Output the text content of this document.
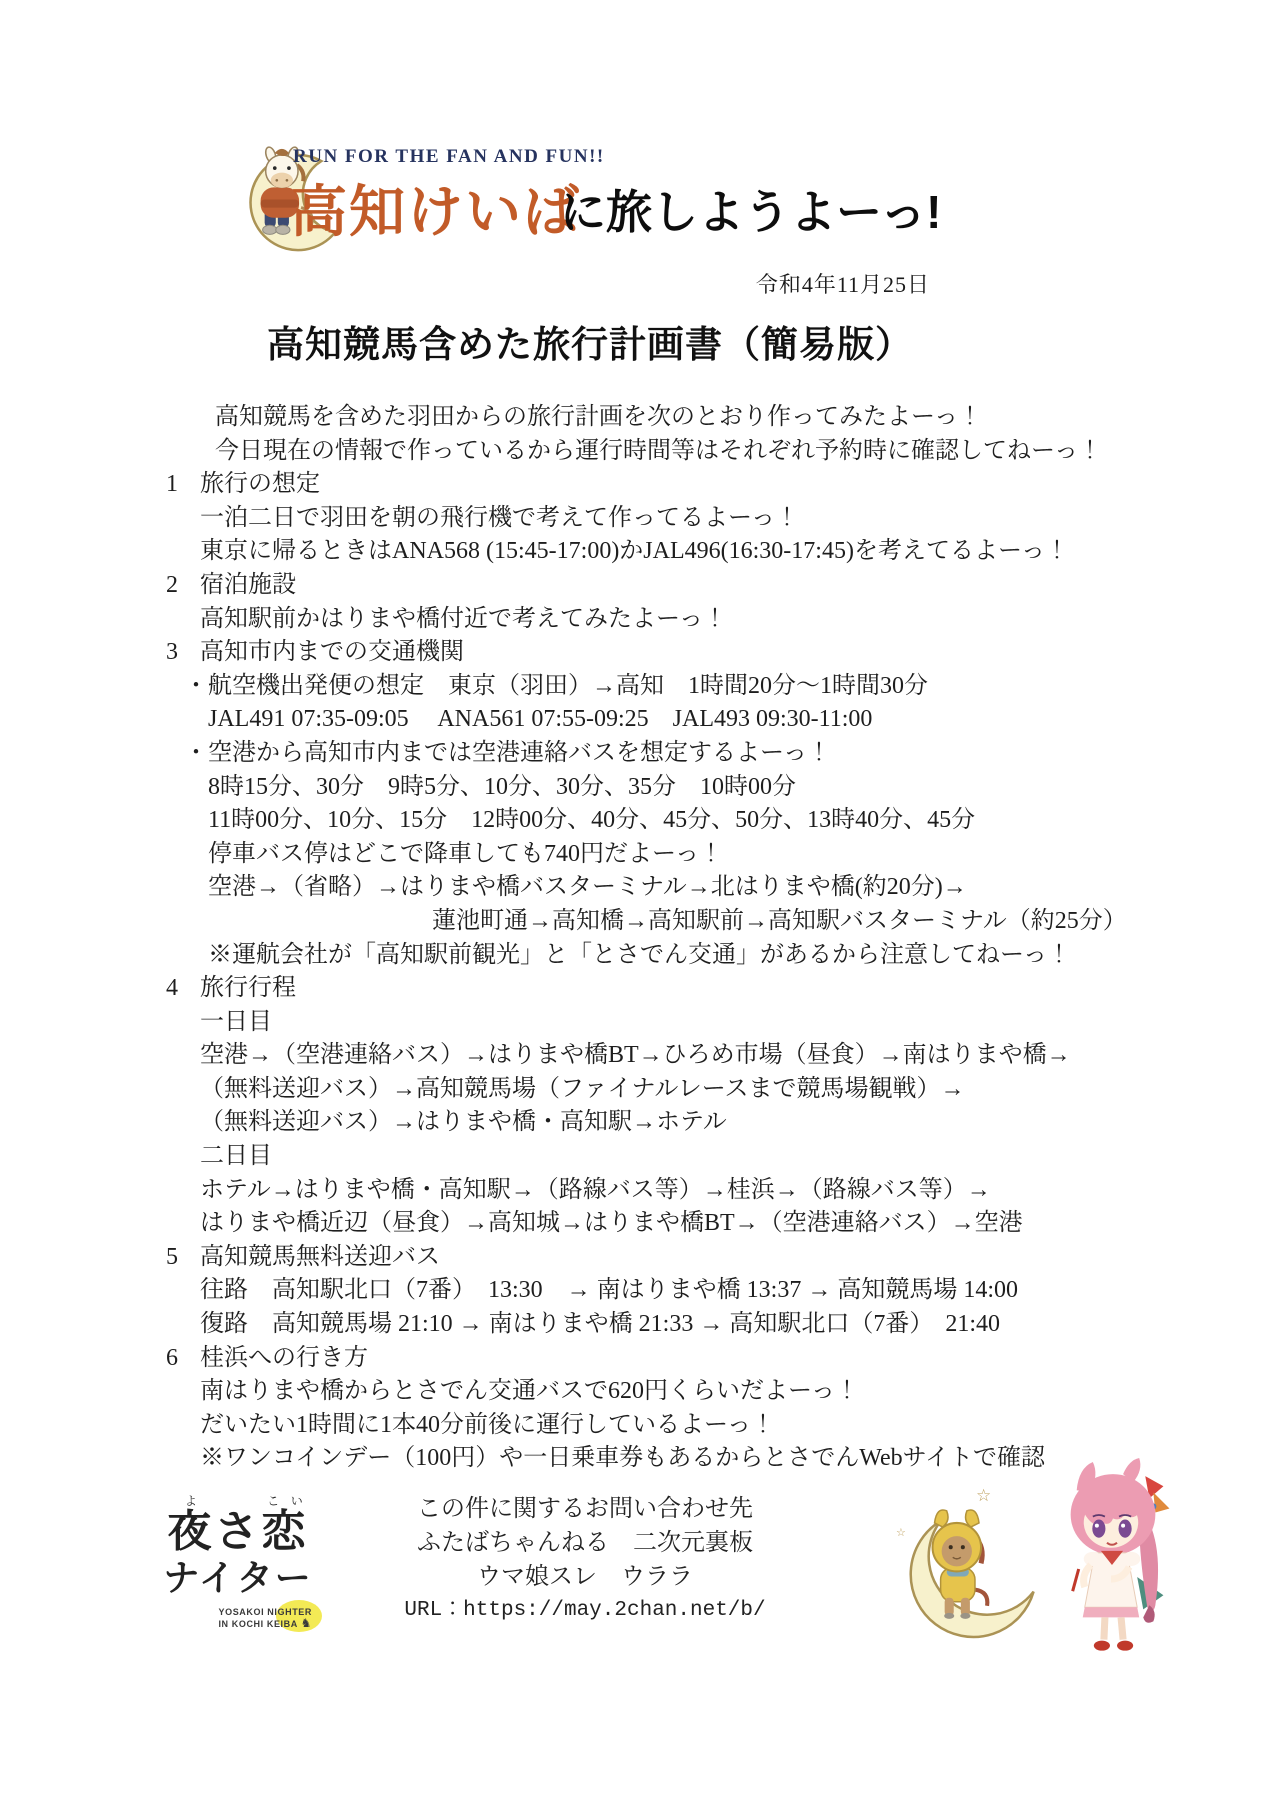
RUN FOR THE FAN AND FUN!!
高知けいば
に旅しようよーっ!
令和4年11月25日
高知競馬含めた旅行計画書（簡易版）
高知競馬を含めた羽田からの旅行計画を次のとおり作ってみたよーっ！
今日現在の情報で作っているから運行時間等はそれぞれ予約時に確認してねーっ！
1 旅行の想定
一泊二日で羽田を朝の飛行機で考えて作ってるよーっ！
東京に帰るときはANA568 (15:45-17:00)かJAL496(16:30-17:45)を考えてるよーっ！
2 宿泊施設
高知駅前かはりまや橋付近で考えてみたよーっ！
3 高知市内までの交通機関
・航空機出発便の想定　東京（羽田）→高知　1時間20分～1時間30分
JAL491 07:35-09:05　 ANA561 07:55-09:25　JAL493 09:30-11:00
・空港から高知市内までは空港連絡バスを想定するよーっ！
8時15分、30分　9時5分、10分、30分、35分　10時00分
11時00分、10分、15分　12時00分、40分、45分、50分、13時40分、45分
停車バス停はどこで降車しても740円だよーっ！
空港→（省略）→はりまや橋バスターミナル→北はりまや橋(約20分)→
蓮池町通→高知橋→高知駅前→高知駅バスターミナル（約25分）
※運航会社が「高知駅前観光」と「とさでん交通」があるから注意してねーっ！
4 旅行行程
一日目
空港→（空港連絡バス）→はりまや橋BT→ひろめ市場（昼食）→南はりまや橋→
（無料送迎バス）→高知競馬場（ファイナルレースまで競馬場観戦）→
（無料送迎バス）→はりまや橋・高知駅→ホテル
二日目
ホテル→はりまや橋・高知駅→（路線バス等）→桂浜→（路線バス等）→
はりまや橋近辺（昼食）→高知城→はりまや橋BT→（空港連絡バス）→空港
5 高知競馬無料送迎バス
往路　高知駅北口（7番）　13:30　→ 南はりまや橋 13:37 → 高知競馬場 14:00
復路　高知競馬場 21:10 → 南はりまや橋 21:33 → 高知駅北口（7番）　21:40
6 桂浜への行き方
南はりまや橋からとさでん交通バスで620円くらいだよーっ！
だいたい1時間に1本40分前後に運行しているよーっ！
※ワンコインデー（100円）や一日乗車券もあるからとさでんWebサイトで確認
夜よさ恋こい
ナイター
YOSAKOI NIGHTER
IN KOCHI KEIBA ♞
この件に関するお問い合わせ先
ふたばちゃんねる　二次元裏板
ウマ娘スレ　ウララ
URL：https://may.2chan.net/b/
☆
☆
